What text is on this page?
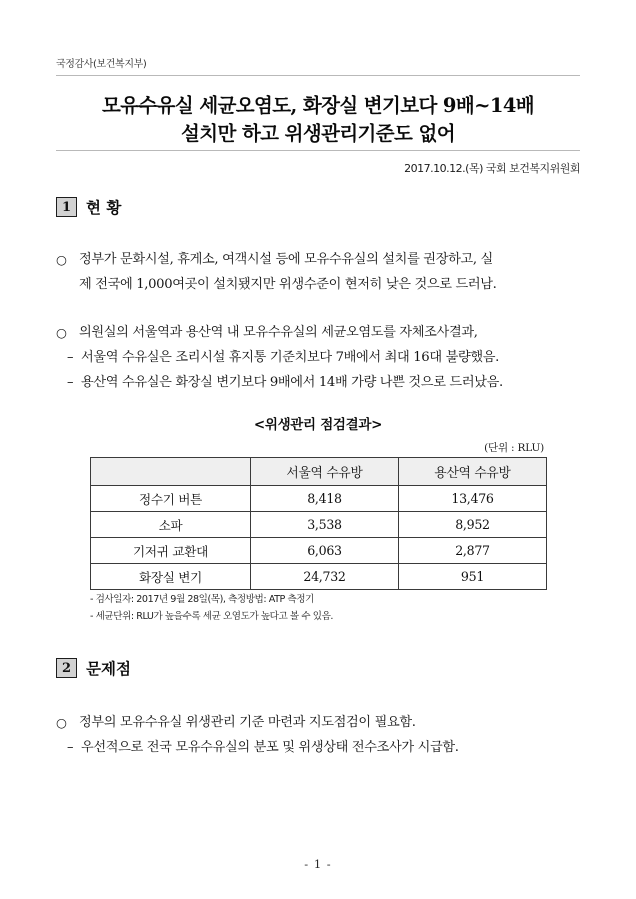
국정감사(보건복지부)
모유수유실 세균오염도, 화장실 변기보다 9배~14배
설치만 하고 위생관리기준도 없어
2017.10.12.(목) 국회 보건복지위원회
1 현 황
○ 정부가 문화시설, 휴게소, 여객시설 등에 모유수유실의 설치를 권장하고, 실
제 전국에 1,000여곳이 설치됐지만 위생수준이 현저히 낮은 것으로 드러남.
○ 의원실의 서울역과 용산역 내 모유수유실의 세균오염도를 자체조사결과,
– 서울역 수유실은 조리시설 휴지통 기준치보다 7배에서 최대 16대 불량했음.
– 용산역 수유실은 화장실 변기보다 9배에서 14배 가량 나쁜 것으로 드러났음.
<위생관리 점검결과>
(단위 : RLU)
	서울역 수유방	용산역 수유방
정수기 버튼	8,418	13,476
소파	3,538	8,952
기저귀 교환대	6,063	2,877
화장실 변기	24,732	951
- 검사일자: 2017년 9월 28일(목), 측정방법: ATP 측정기
- 세균단위: RLU가 높을수록 세균 오염도가 높다고 볼 수 있음.
2 문제점
○ 정부의 모유수유실 위생관리 기준 마련과 지도점검이 필요함.
– 우선적으로 전국 모유수유실의 분포 및 위생상태 전수조사가 시급함.
- 1 -
